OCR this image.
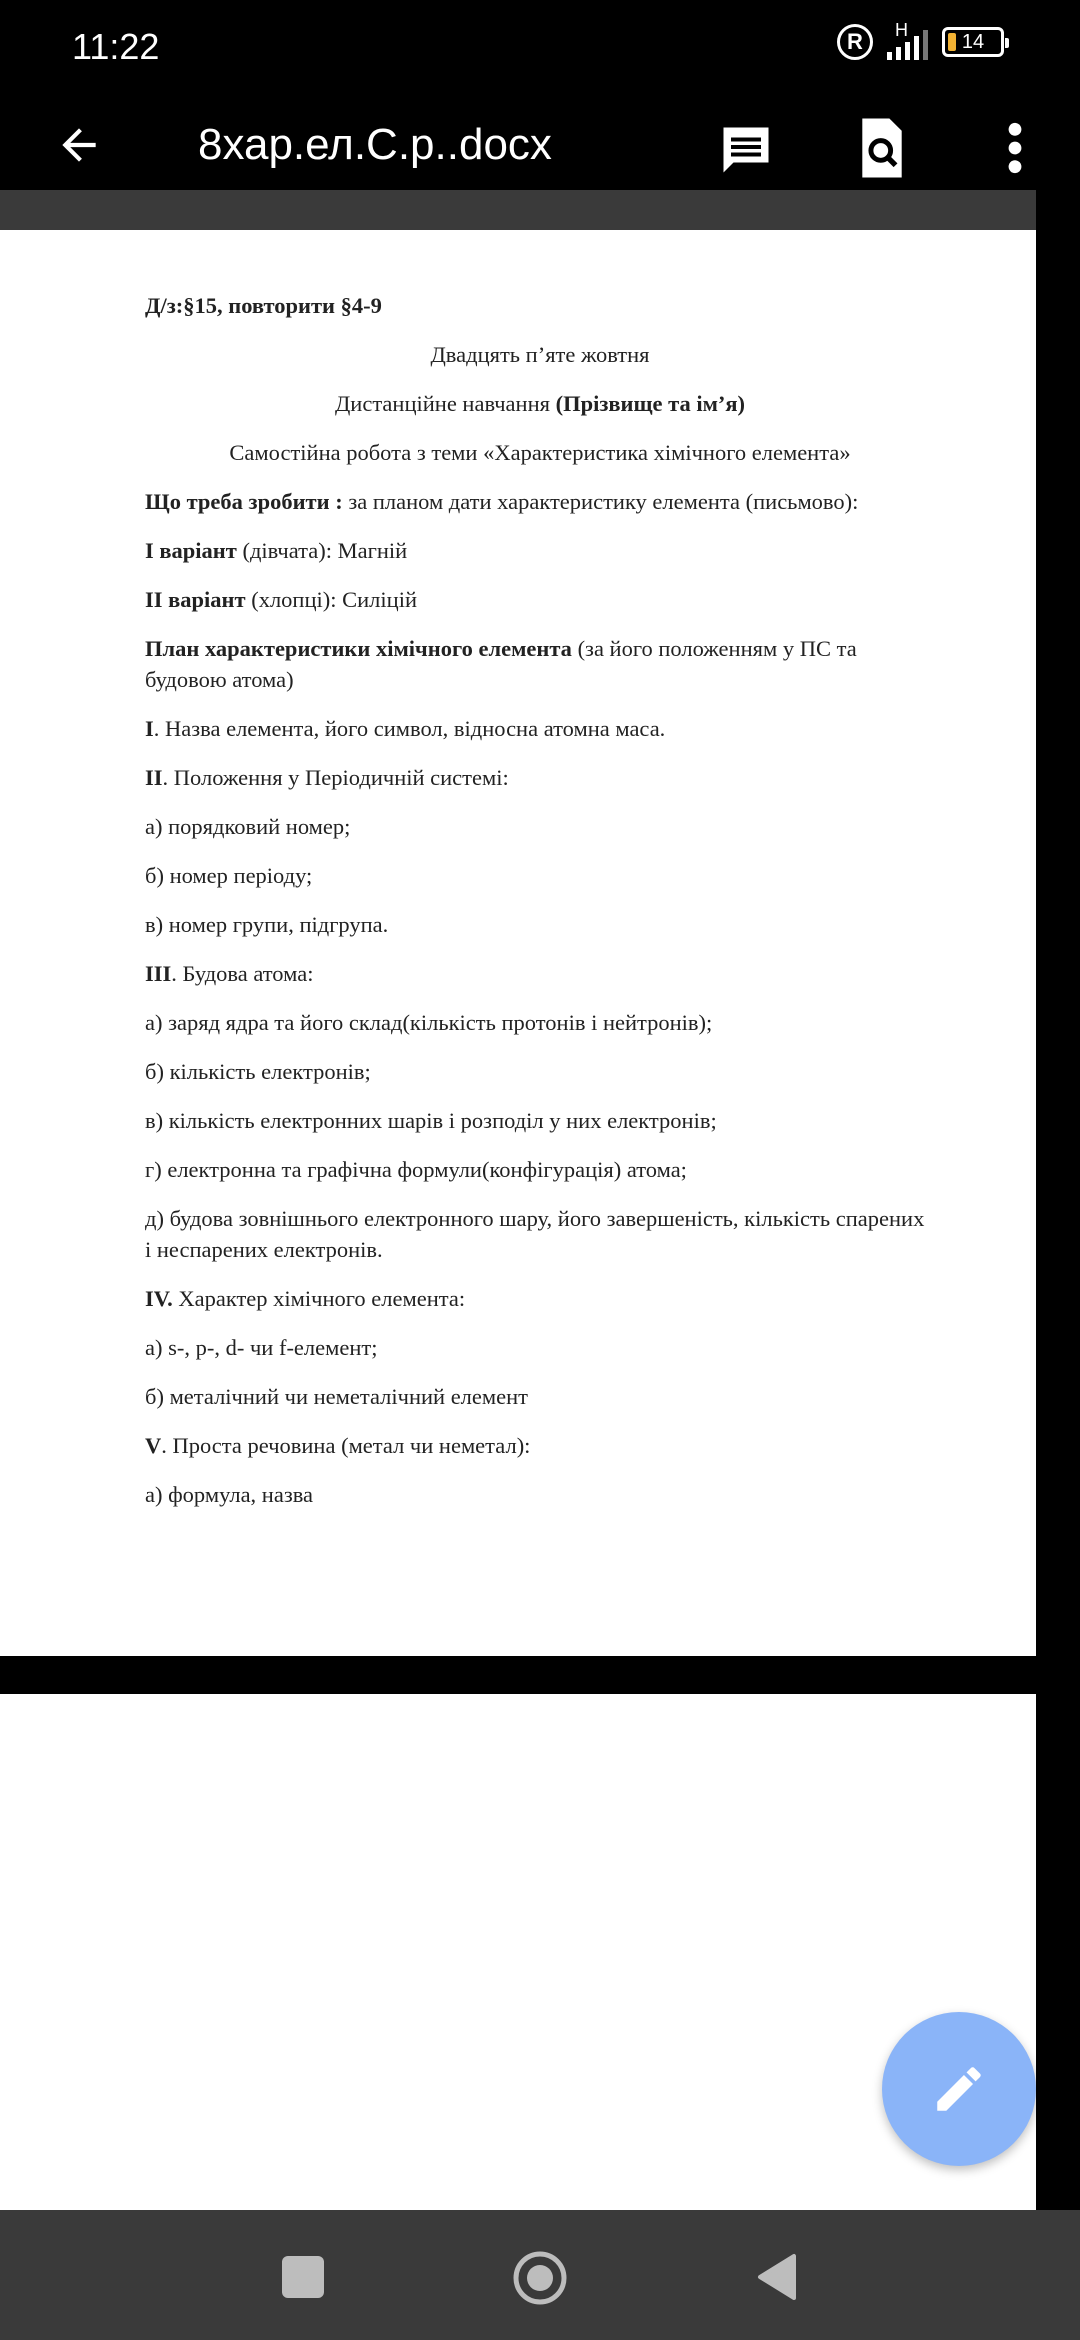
11:22	R	H
14
8хар.ел.С.р..docx

Д/з:§15, повторити §4-9

Двадцять п’яте жовтня

Дистанційне навчання (Прізвище та ім’я)

Самостійна робота з теми «Характеристика хімічного елемента»

Що треба зробити : за планом дати характеристику елемента (письмово):

І варіант (дівчата): Магній

ІІ варіант (хлопці): Силіцій

План характеристики хімічного елемента (за його положенням у ПС та будовою атома)

I. Назва елемента, його символ, відносна атомна маса.

II. Положення у Періодичній системі:

а) порядковий номер;

б) номер періоду;

в) номер групи, підгрупа.

III. Будова атома:

а) заряд ядра та його склад(кількість протонів і нейтронів);

б) кількість електронів;

в) кількість електронних шарів і розподіл у них електронів;

г) електронна та графічна формули(конфігурація) атома;

д) будова зовнішнього електронного шару, його завершеність, кількість спарених і неспарених електронів.

IV. Характер хімічного елемента:

а) s-, p-, d- чи f-елемент;

б) металічний чи неметалічний елемент

V. Проста речовина (метал чи неметал):

а) формула, назва
